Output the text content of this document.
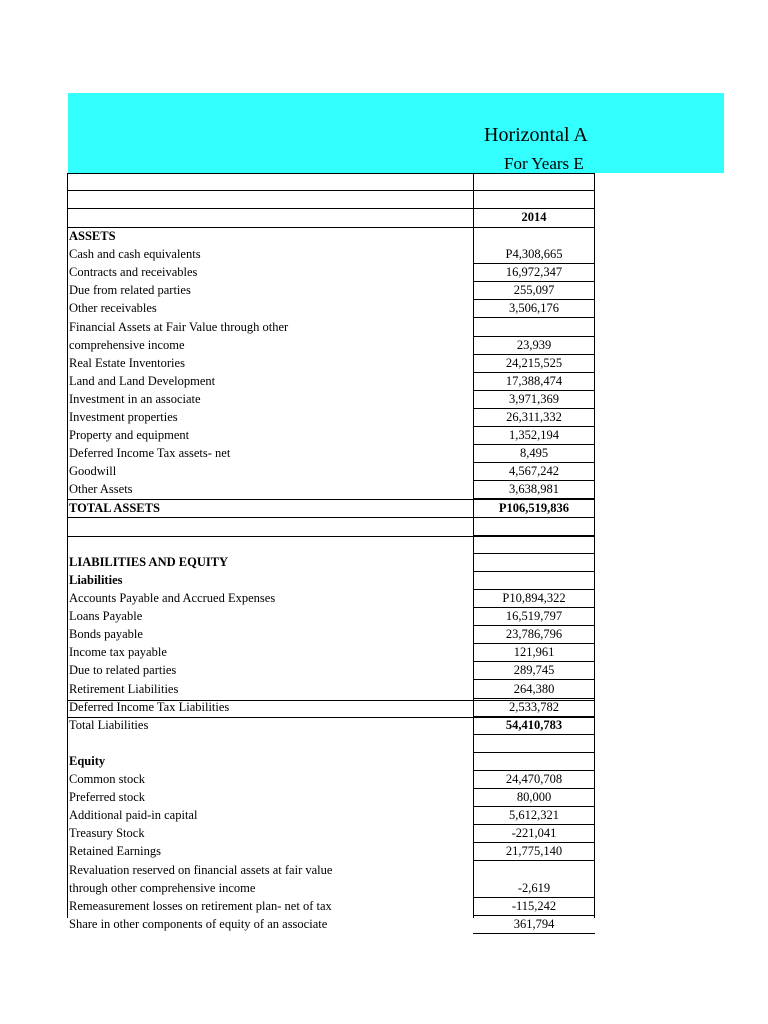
Horizontal A
For Years E
2014
ASSETS
Cash and cash equivalents	P4,308,665
Contracts and receivables	16,972,347
Due from related parties	255,097
Other receivables	3,506,176
Financial Assets at Fair Value through other
comprehensive income	23,939
Real Estate Inventories	24,215,525
Land and Land Development	17,388,474
Investment in an associate	3,971,369
Investment properties	26,311,332
Property and equipment	1,352,194
Deferred Income Tax assets- net	8,495
Goodwill	4,567,242
Other Assets	3,638,981
TOTAL ASSETS	P106,519,836
LIABILITIES AND EQUITY
Liabilities
Accounts Payable and Accrued Expenses	P10,894,322
Loans Payable	16,519,797
Bonds payable	23,786,796
Income tax payable	121,961
Due to related parties	289,745
Retirement Liabilities	264,380
Deferred Income Tax Liabilities	2,533,782
Total Liabilities	54,410,783
Equity
Common stock	24,470,708
Preferred stock	80,000
Additional paid-in capital	5,612,321
Treasury Stock	-221,041
Retained Earnings	21,775,140
Revaluation reserved on financial assets at fair value
through other comprehensive income	-2,619
Remeasurement losses on retirement plan- net of tax	-115,242
Share in other components of equity of an associate	361,794
